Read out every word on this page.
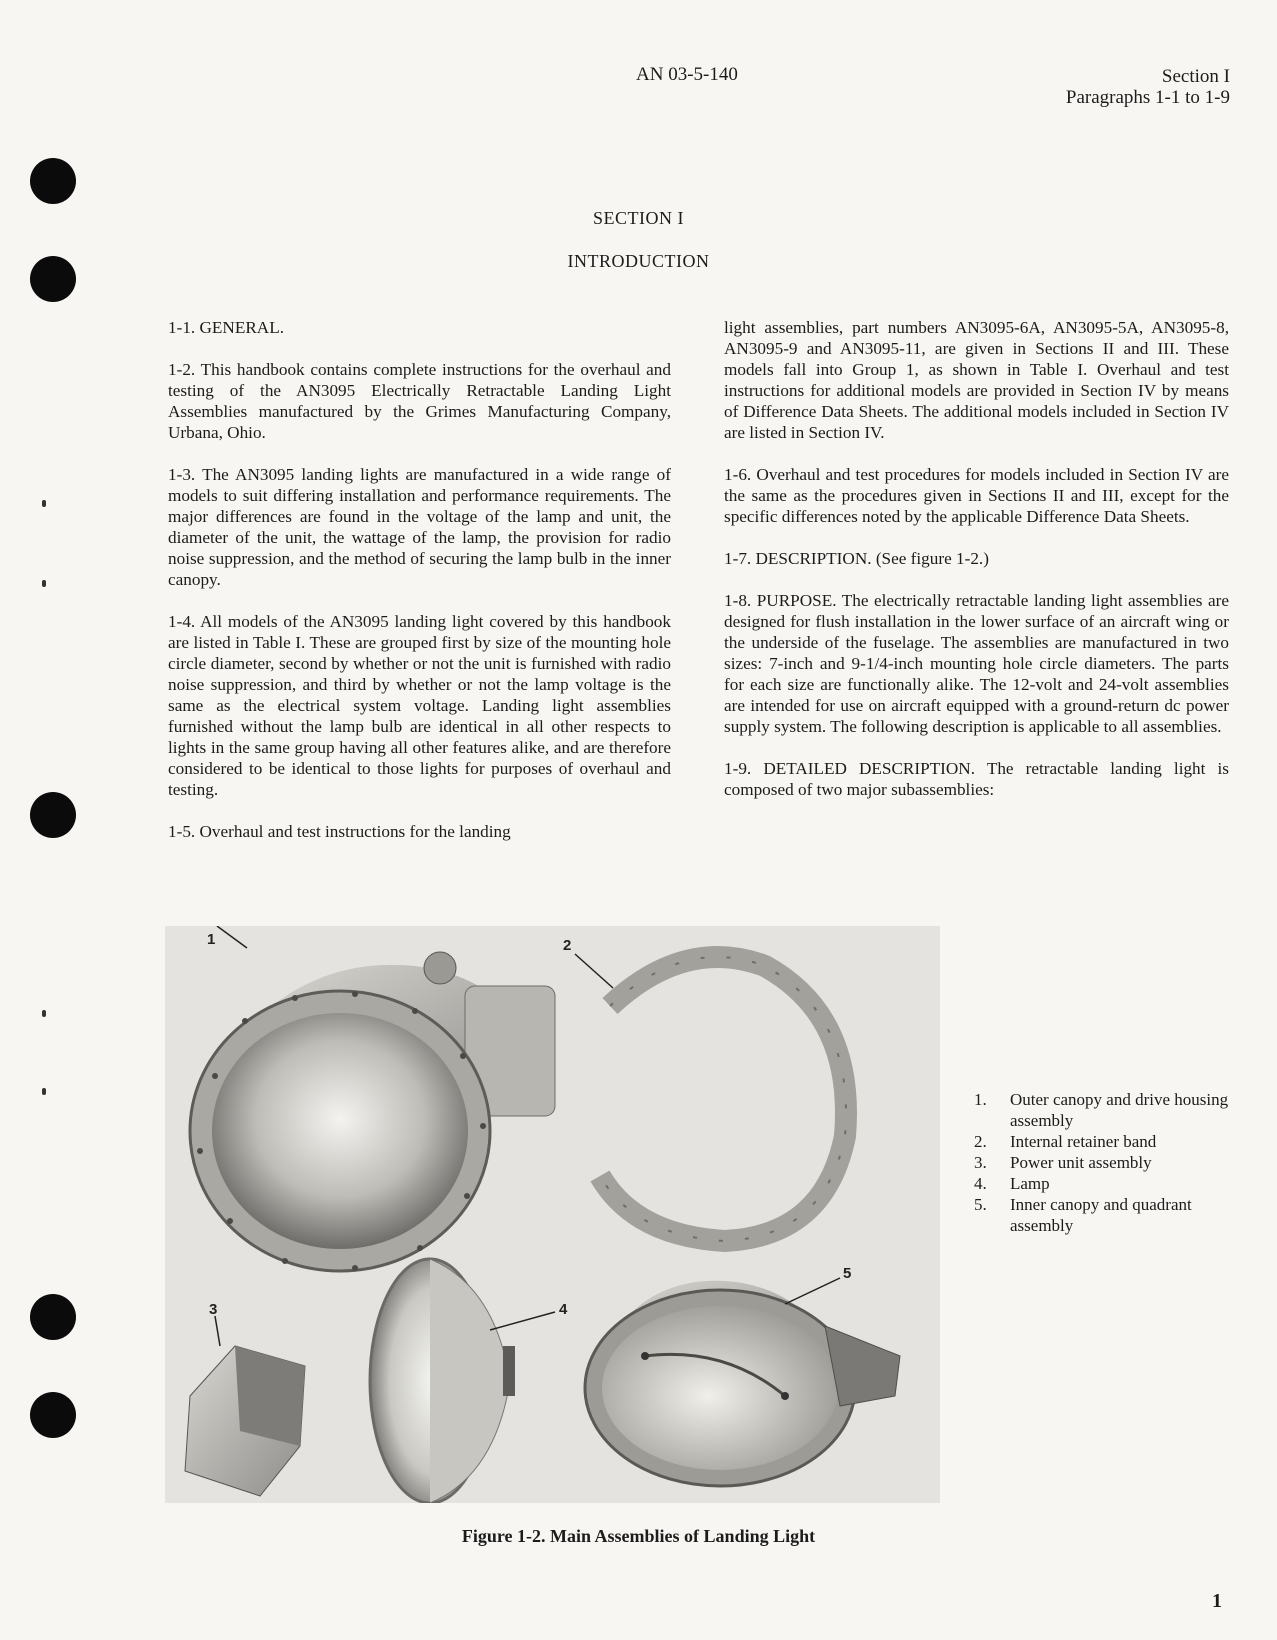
AN 03-5-140	Section I
Paragraphs 1-1 to 1-9
SECTION I
INTRODUCTION

1-1. GENERAL.

1-2. This handbook contains complete instructions for the overhaul and testing of the AN3095 Electrically Retractable Landing Light Assemblies manufactured by the Grimes Manufacturing Company, Urbana, Ohio.

1-3. The AN3095 landing lights are manufactured in a wide range of models to suit differing installation and performance requirements. The major differences are found in the voltage of the lamp and unit, the diameter of the unit, the wattage of the lamp, the provision for radio noise suppression, and the method of securing the lamp bulb in the inner canopy.

1-4. All models of the AN3095 landing light covered by this handbook are listed in Table I. These are grouped first by size of the mounting hole circle diameter, second by whether or not the unit is furnished with radio noise suppression, and third by whether or not the lamp voltage is the same as the electrical system voltage. Landing light assemblies furnished without the lamp bulb are identical in all other respects to lights in the same group having all other features alike, and are therefore considered to be identical to those lights for purposes of overhaul and testing.

1-5. Overhaul and test instructions for the landing

light assemblies, part numbers AN3095-6A, AN3095-5A, AN3095-8, AN3095-9 and AN3095-11, are given in Sections II and III. These models fall into Group 1, as shown in Table I. Overhaul and test instructions for additional models are provided in Section IV by means of Difference Data Sheets. The additional models included in Section IV are listed in Section IV.

1-6. Overhaul and test procedures for models included in Section IV are the same as the procedures given in Sections II and III, except for the specific differences noted by the applicable Difference Data Sheets.

1-7. DESCRIPTION. (See figure 1-2.)

1-8. PURPOSE. The electrically retractable landing light assemblies are designed for flush installation in the lower surface of an aircraft wing or the underside of the fuselage. The assemblies are manufactured in two sizes: 7-inch and 9-1/4-inch mounting hole circle diameters. The parts for each size are functionally alike. The 12-volt and 24-volt assemblies are intended for use on aircraft equipped with a ground-return dc power supply system. The following description is applicable to all assemblies.

1-9. DETAILED DESCRIPTION. The retractable landing light is composed of two major subassemblies:

1	2
3	4
5
1.	Outer canopy and drive housing assembly
2.	Internal retainer band
3.	Power unit assembly
4.	Lamp
5.	Inner canopy and quadrant assembly
Figure 1-2. Main Assemblies of Landing Light
1
